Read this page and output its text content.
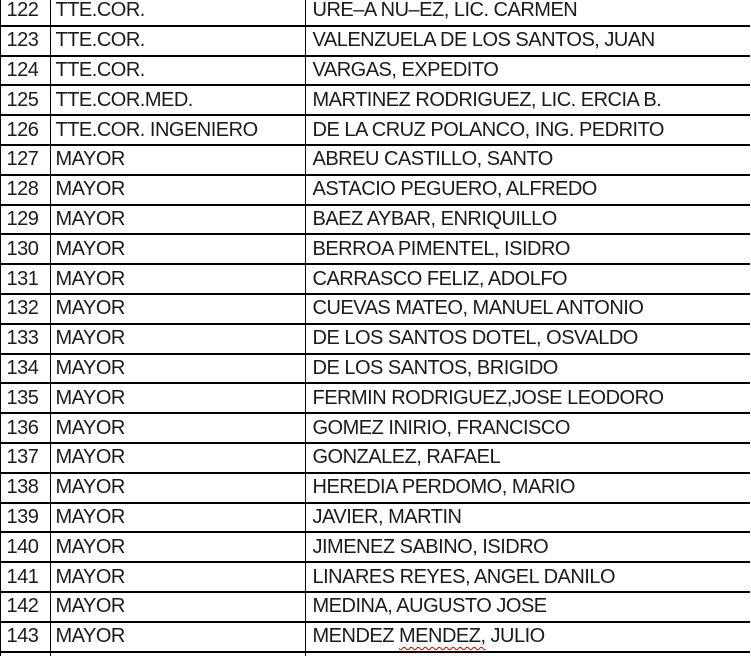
122 TTE.COR.	URE–A NU–EZ, LIC. CARMEN
123 TTE.COR.	VALENZUELA DE LOS SANTOS, JUAN
124 TTE.COR.	VARGAS, EXPEDITO
125 TTE.COR.MED.	MARTINEZ RODRIGUEZ, LIC. ERCIA B.
126 TTE.COR. INGENIERO	DE LA CRUZ POLANCO, ING. PEDRITO
127 MAYOR	ABREU CASTILLO, SANTO
128 MAYOR	ASTACIO PEGUERO, ALFREDO
129 MAYOR	BAEZ AYBAR, ENRIQUILLO
130 MAYOR	BERROA PIMENTEL, ISIDRO
131 MAYOR	CARRASCO FELIZ, ADOLFO
132 MAYOR	CUEVAS MATEO, MANUEL ANTONIO
133 MAYOR	DE LOS SANTOS DOTEL, OSVALDO
134 MAYOR	DE LOS SANTOS, BRIGIDO
135 MAYOR	FERMIN RODRIGUEZ,JOSE LEODORO
136 MAYOR	GOMEZ INIRIO, FRANCISCO
137 MAYOR	GONZALEZ, RAFAEL
138 MAYOR	HEREDIA PERDOMO, MARIO
139 MAYOR	JAVIER, MARTIN
140 MAYOR	JIMENEZ SABINO, ISIDRO
141 MAYOR	LINARES REYES, ANGEL DANILO
142 MAYOR	MEDINA, AUGUSTO JOSE
143 MAYOR	MENDEZ MENDEZ, JULIO
